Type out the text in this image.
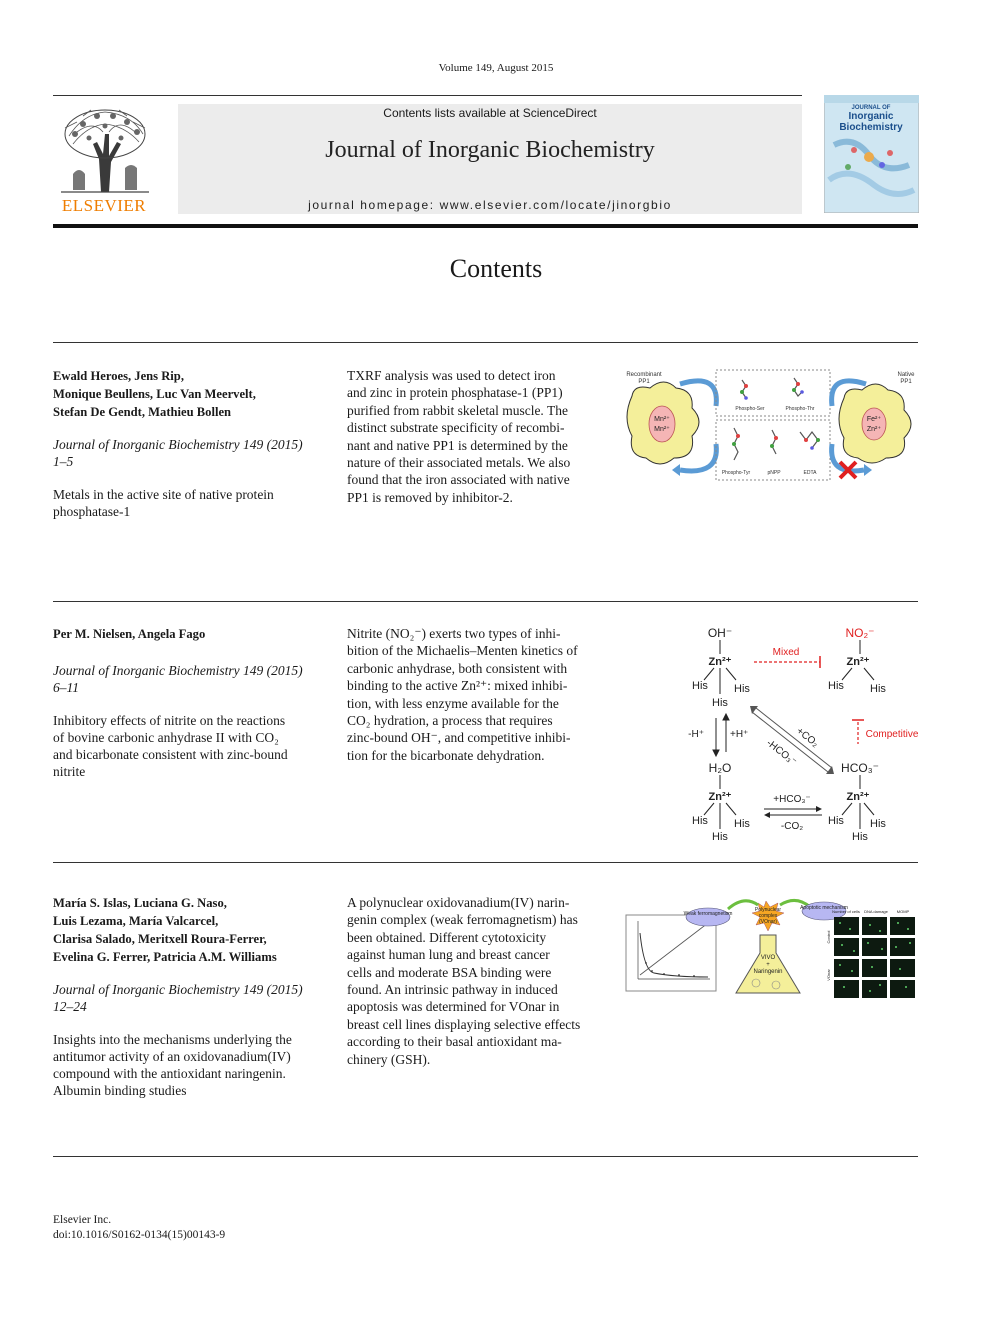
Volume 149, August 2015
Contents lists available at ScienceDirect
Journal of Inorganic Biochemistry
journal homepage: www.elsevier.com/locate/jinorgbio
ELSEVIER
JOURNAL OF
Inorganic
Biochemistry
Contents
Ewald Heroes, Jens Rip,
Monique Beullens, Luc Van Meervelt,
Stefan De Gendt, Mathieu Bollen
Journal of Inorganic Biochemistry 149 (2015)
1–5
Metals in the active site of native protein
phosphatase-1
TXRF analysis was used to detect iron
and zinc in protein phosphatase-1 (PP1)
purified from rabbit skeletal muscle. The
distinct substrate specificity of recombi-
nant and native PP1 is determined by the
nature of their associated metals. We also
found that the iron associated with native
PP1 is removed by inhibitor-2.
Recombinant
PP1
Mn²⁺
Mn²⁺
Phospho-Ser	Phospho-Thr
Phospho-Tyr	pNPP	EDTA
Native
PP1
Fe²⁺
Zn²⁺
Per M. Nielsen, Angela Fago
Journal of Inorganic Biochemistry 149 (2015)
6–11
Inhibitory effects of nitrite on the reactions
of bovine carbonic anhydrase II with CO₂
and bicarbonate consistent with zinc-bound
nitrite
Nitrite (NO₂⁻) exerts two types of inhi-
bition of the Michaelis–Menten kinetics of
carbonic anhydrase, both consistent with
binding to the active Zn²⁺: mixed inhibi-
tion, with less enzyme available for the
CO₂ hydration, a process that requires
zinc-bound OH⁻, and competitive inhibi-
tion for the bicarbonate dehydration.
OH⁻	NO₂⁻
H₂O	HCO₃⁻
Zn²⁺	Zn²⁺
Zn²⁺	Zn²⁺
His His
His
His His
His His
His
His His
His
Mixed
Competitive
-H⁺	+H⁺	+CO₂
-HCO₃⁻
+HCO₃⁻
-CO₂
María S. Islas, Luciana G. Naso,
Luis Lezama, María Valcarcel,
Clarisa Salado, Meritxell Roura-Ferrer,
Evelina G. Ferrer, Patricia A.M. Williams
Journal of Inorganic Biochemistry 149 (2015)
12–24
Insights into the mechanisms underlying the
antitumor activity of an oxidovanadium(IV)
compound with the antioxidant naringenin.
Albumin binding studies
A polynuclear oxidovanadium(IV) narin-
genin complex (weak ferromagnetism) has
been obtained. Different cytotoxicity
against human lung and breast cancer
cells and moderate BSA binding were
found. An intrinsic pathway in induced
apoptosis was determined for VOnar in
breast cell lines displaying selective effects
according to their basal antioxidant ma-
chinery (GSH).
Weak ferromagnetism
Polynuclear
complex
(VOnar)
Apoptotic mechanism
VIVO
+
Naringenin
Number of cells DNA damage MOMP
Control
VOnar
Elsevier Inc.
doi:10.1016/S0162-0134(15)00143-9
